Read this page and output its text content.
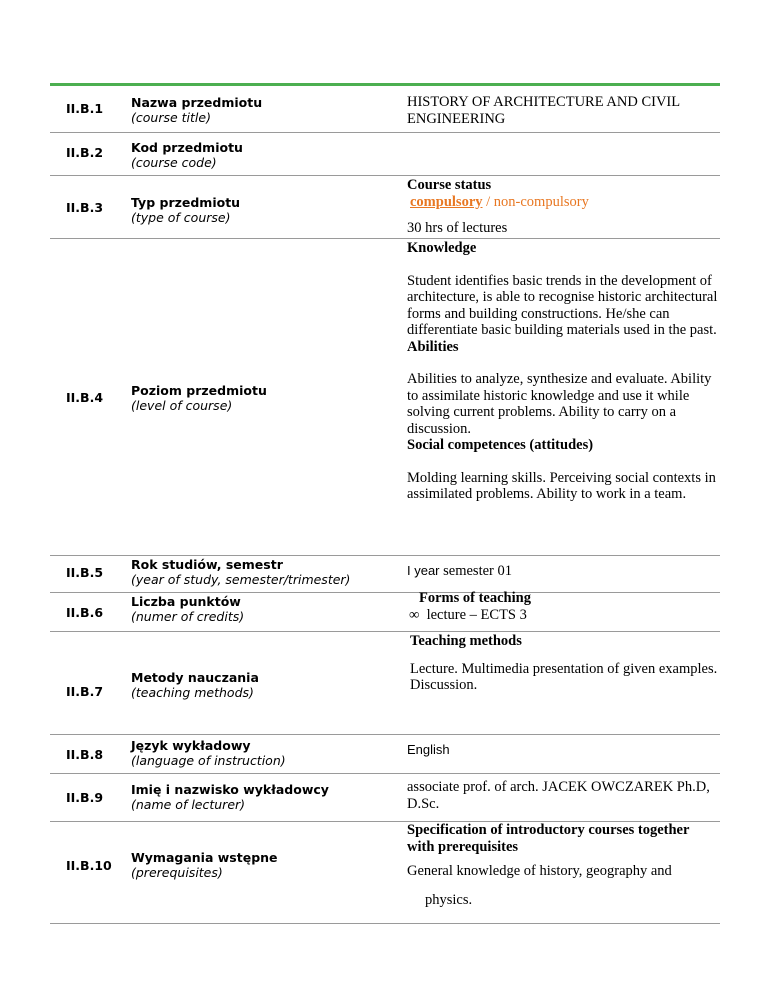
II.B.1 Nazwa przedmiotu
(course title)
HISTORY OF ARCHITECTURE AND CIVIL ENGINEERING
II.B.2 Kod przedmiotu
(course code)
II.B.3 Typ przedmiotu
(type of course)
Course status
compulsory / non-compulsory
30 hrs of lectures
II.B.4 Poziom przedmiotu
(level of course)
Knowledge
Student identifies basic trends in the development of architecture, is able to recognise historic architectural forms and building constructions. He/she can differentiate basic building materials used in the past.
Abilities
Abilities to analyze, synthesize and evaluate. Ability to assimilate historic knowledge and use it while solving current problems. Ability to carry on a discussion.
Social competences (attitudes)
Molding learning skills. Perceiving social contexts in assimilated problems. Ability to work in a team.
II.B.5
Rok studiów, semestr
(year of study, semester/trimester)
I year semester 01
II.B.6
Liczba punktów
(numer of credits)
Forms of teaching
∞ lecture – ECTS 3
II.B.7
Metody nauczania
(teaching methods)
Teaching methods
Lecture. Multimedia presentation of given examples. Discussion.
II.B.8
Język wykładowy
(language of instruction)
English
II.B.9
Imię i nazwisko wykładowcy
(name of lecturer)
associate prof. of arch. JACEK OWCZAREK Ph.D, D.Sc.
II.B.10
Wymagania wstępne
(prerequisites)
Specification of introductory courses together with prerequisites
General knowledge of history, geography and
physics.
